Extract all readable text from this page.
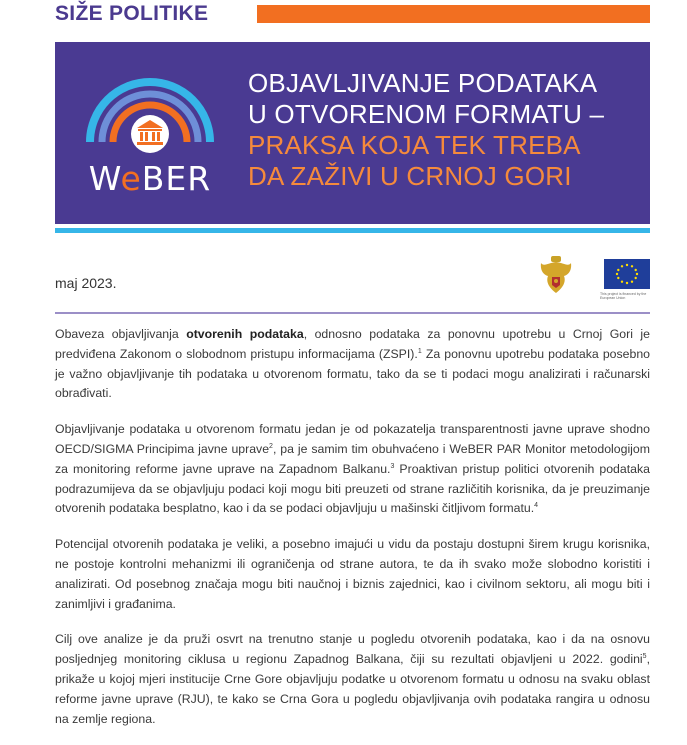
SIŽE POLITIKE
WeBER
OBJAVLJIVANJE PODATAKA
U OTVORENOM FORMATU –
PRAKSA KOJA TEK TREBA
DA ZAŽIVI U CRNOJ GORI
maj 2023.
This project is financed by the European Union

Obaveza objavljivanja otvorenih podataka, odnosno podataka za ponovnu upotrebu u Crnoj Gori je predviđena Zakonom o slobodnom pristupu informacijama (ZSPI).$^1$ Za ponovnu upotrebu podataka posebno je važno objavljivanje tih podataka u otvorenom formatu, tako da se ti podaci mogu analizirati i računarski obrađivati.

Objavljivanje podataka u otvorenom formatu jedan je od pokazatelja transparentnosti javne uprave shodno OECD/SIGMA Principima javne uprave$^2$, pa je samim tim obuhvaćeno i WeBER PAR Monitor metodologijom za monitoring reforme javne uprave na Zapadnom Balkanu.$^3$ Proaktivan pristup politici otvorenih podataka podrazumijeva da se objavljuju podaci koji mogu biti preuzeti od strane različitih korisnika, da je preuzimanje otvorenih podataka besplatno, kao i da se podaci objavljuju u mašinski čitljivom formatu.$^4$

Potencijal otvorenih podataka je veliki, a posebno imajući u vidu da postaju dostupni širem krugu korisnika, ne postoje kontrolni mehanizmi ili ograničenja od strane autora, te da ih svako može slobodno koristiti i analizirati. Od posebnog značaja mogu biti naučnoj i biznis zajednici, kao i civilnom sektoru, ali mogu biti i zanimljivi i građanima.

Cilj ove analize je da pruži osvrt na trenutno stanje u pogledu otvorenih podataka, kao i da na osnovu posljednjeg monitoring ciklusa u regionu Zapadnog Balkana, čiji su rezultati objavljeni u 2022. godini$^5$, prikaže u kojoj mjeri institucije Crne Gore objavljuju podatke u otvorenom formatu u odnosu na svaku oblast reforme javne uprave (RJU), te kako se Crna Gora u pogledu objavljivanja ovih podataka rangira u odnosu na zemlje regiona.
